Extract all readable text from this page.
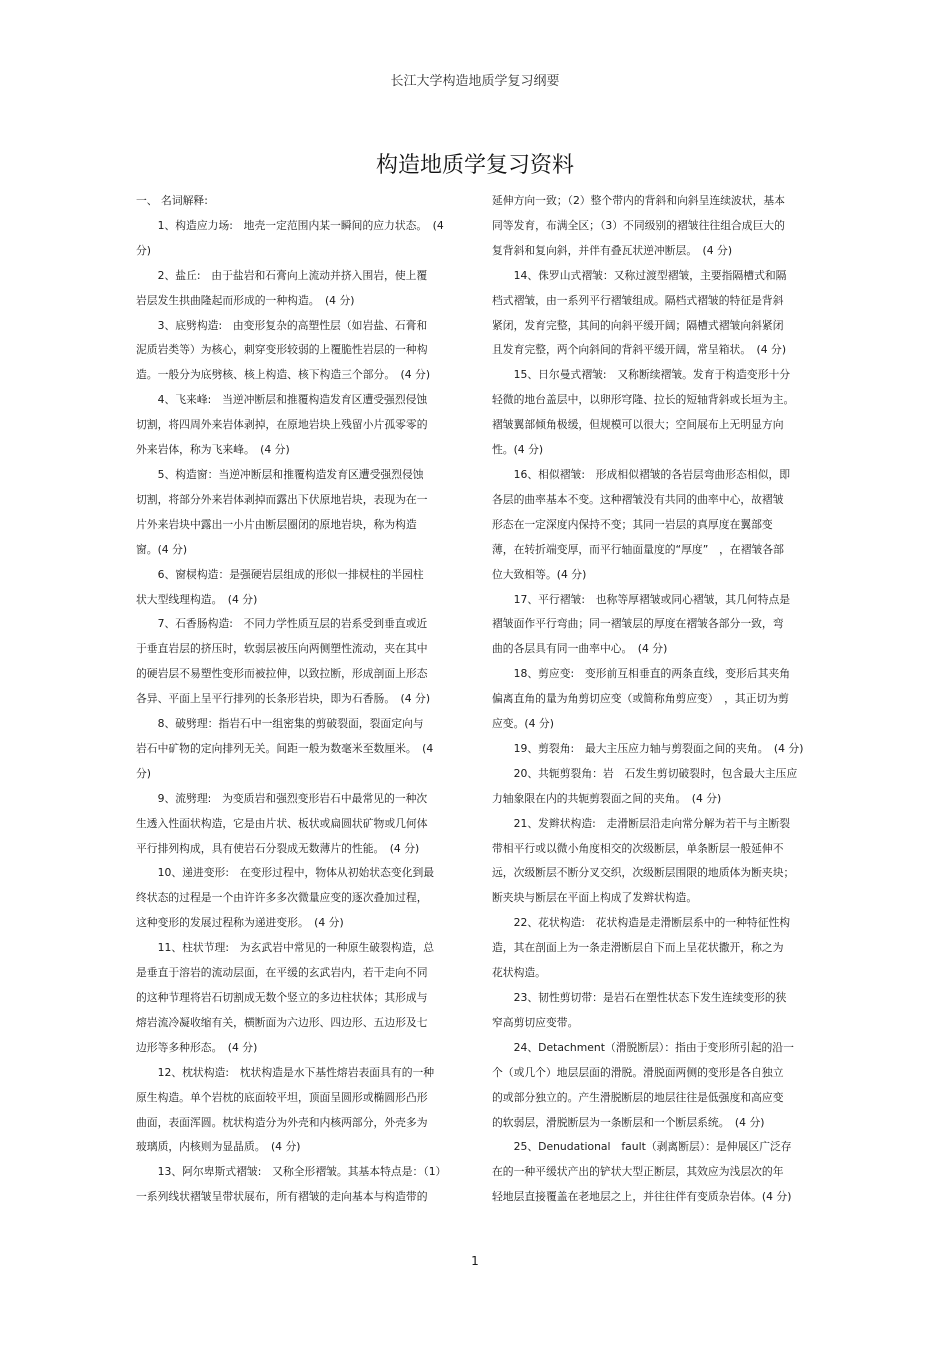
长江大学构造地质学复习纲要
构造地质学复习资料
一、 名词解释:
　　1、构造应力场:　地壳一定范围内某一瞬间的应力状态。　(4
分)
　　2、盐丘:　由于盐岩和石膏向上流动并挤入围岩，使上覆
岩层发生拱曲隆起而形成的一种构造。　(4 分)
　　3、底劈构造:　由变形复杂的高塑性层（如岩盐、石膏和
泥质岩类等）为核心，刺穿变形较弱的上覆脆性岩层的一种构
造。一般分为底劈核、核上构造、核下构造三个部分。　(4 分)
　　4、飞来峰:　当逆冲断层和推覆构造发育区遭受强烈侵蚀
切割，将四周外来岩体剥掉，在原地岩块上残留小片孤零零的
外来岩体，称为飞来峰。　(4 分)
　　5、构造窗：当逆冲断层和推覆构造发育区遭受强烈侵蚀
切割，将部分外来岩体剥掉而露出下伏原地岩块，表现为在一
片外来岩块中露出一小片由断层圈闭的原地岩块，称为构造
窗。(4 分)
　　6、窗棂构造：是强硬岩层组成的形似一排棂柱的半园柱
状大型线理构造。　(4 分)
　　7、石香肠构造:　不同力学性质互层的岩系受到垂直或近
于垂直岩层的挤压时，软弱层被压向两侧塑性流动，夹在其中
的硬岩层不易塑性变形而被拉伸，以致拉断，形成剖面上形态
各异、平面上呈平行排列的长条形岩块，即为石香肠。　(4 分)
　　8、破劈理：指岩石中一组密集的剪破裂面，裂面定向与
岩石中矿物的定向排列无关。间距一般为数毫米至数厘米。　(4
分)
　　9、流劈理:　为变质岩和强烈变形岩石中最常见的一种次
生透入性面状构造，它是由片状、板状或扁圆状矿物或几何体
平行排列构成，具有使岩石分裂成无数薄片的性能。　(4 分)
　　10、递进变形:　在变形过程中，物体从初始状态变化到最
终状态的过程是一个由许许多多次微量应变的逐次叠加过程，
这种变形的发展过程称为递进变形。　(4 分)
　　11、柱状节理:　为玄武岩中常见的一种原生破裂构造，总
是垂直于溶岩的流动层面，在平缓的玄武岩内，若干走向不同
的这种节理将岩石切割成无数个竖立的多边柱状体；其形成与
熔岩流冷凝收缩有关，横断面为六边形、四边形、五边形及七
边形等多种形态。　(4 分)
　　12、枕状构造:　枕状构造是水下基性熔岩表面具有的一种
原生构造。单个岩枕的底面较平坦，顶面呈圆形或椭圆形凸形
曲面，表面浑圆。枕状构造分为外壳和内核两部分，外壳多为
玻璃质，内核则为显晶质。　(4 分)
　　13、阿尔卑斯式褶皱:　又称全形褶皱。其基本特点是：（1）
一系列线状褶皱呈带状展布，所有褶皱的走向基本与构造带的
延伸方向一致；（2）整个带内的背斜和向斜呈连续波状，基本
同等发育，布满全区；（3）不同级别的褶皱往往组合成巨大的
复背斜和复向斜，并伴有叠瓦状逆冲断层。　(4 分)
　　14、侏罗山式褶皱：又称过渡型褶皱，主要指隔槽式和隔
档式褶皱，由一系列平行褶皱组成。隔档式褶皱的特征是背斜
紧闭，发育完整，其间的向斜平缓开阔；隔槽式褶皱向斜紧闭
且发育完整，两个向斜间的背斜平缓开阔，常呈箱状。　(4 分)
　　15、日尔曼式褶皱:　又称断续褶皱。发育于构造变形十分
轻微的地台盖层中，以卵形穹隆、拉长的短轴背斜或长垣为主。
褶皱翼部倾角极缓，但规模可以很大；空间展布上无明显方向
性。(4 分)
　　16、相似褶皱:　形成相似褶皱的各岩层弯曲形态相似，即
各层的曲率基本不变。这种褶皱没有共同的曲率中心，故褶皱
形态在一定深度内保持不变；其同一岩层的真厚度在翼部变
薄，在转折端变厚，而平行轴面量度的“厚度”　，在褶皱各部
位大致相等。(4 分)
　　17、平行褶皱:　也称等厚褶皱或同心褶皱，其几何特点是
褶皱面作平行弯曲；同一褶皱层的厚度在褶皱各部分一致，弯
曲的各层具有同一曲率中心。　(4 分)
　　18、剪应变:　变形前互相垂直的两条直线，变形后其夹角
偏离直角的量为角剪切应变（或简称角剪应变）　，其正切为剪
应变。(4 分)
　　19、剪裂角:　最大主压应力轴与剪裂面之间的夹角。　(4 分)
　　20、共轭剪裂角：岩　石发生剪切破裂时，包含最大主压应
力轴象限在内的共轭剪裂面之间的夹角。　(4 分)
　　21、发辫状构造:　走滑断层沿走向常分解为若干与主断裂
带相平行或以微小角度相交的次级断层，单条断层一般延伸不
远，次级断层不断分叉交织，次级断层围限的地质体为断夹块；
断夹块与断层在平面上构成了发辫状构造。
　　22、花状构造:　花状构造是走滑断层系中的一种特征性构
造，其在剖面上为一条走滑断层自下而上呈花状撒开，称之为
花状构造。
　　23、韧性剪切带：是岩石在塑性状态下发生连续变形的狭
窄高剪切应变带。
　　24、Detachment（滑脱断层）：指由于变形所引起的沿一
个（或几个）地层层面的滑脱。滑脱面两侧的变形是各自独立
的或部分独立的。产生滑脱断层的地层往往是低强度和高应变
的软弱层，滑脱断层为一条断层和一个断层系统。　(4 分)
　　25、Denudational　fault（剥离断层）：是伸展区广泛存
在的一种平缓状产出的铲状大型正断层，其效应为浅层次的年
轻地层直接覆盖在老地层之上，并往往伴有变质杂岩体。(4 分)
1
